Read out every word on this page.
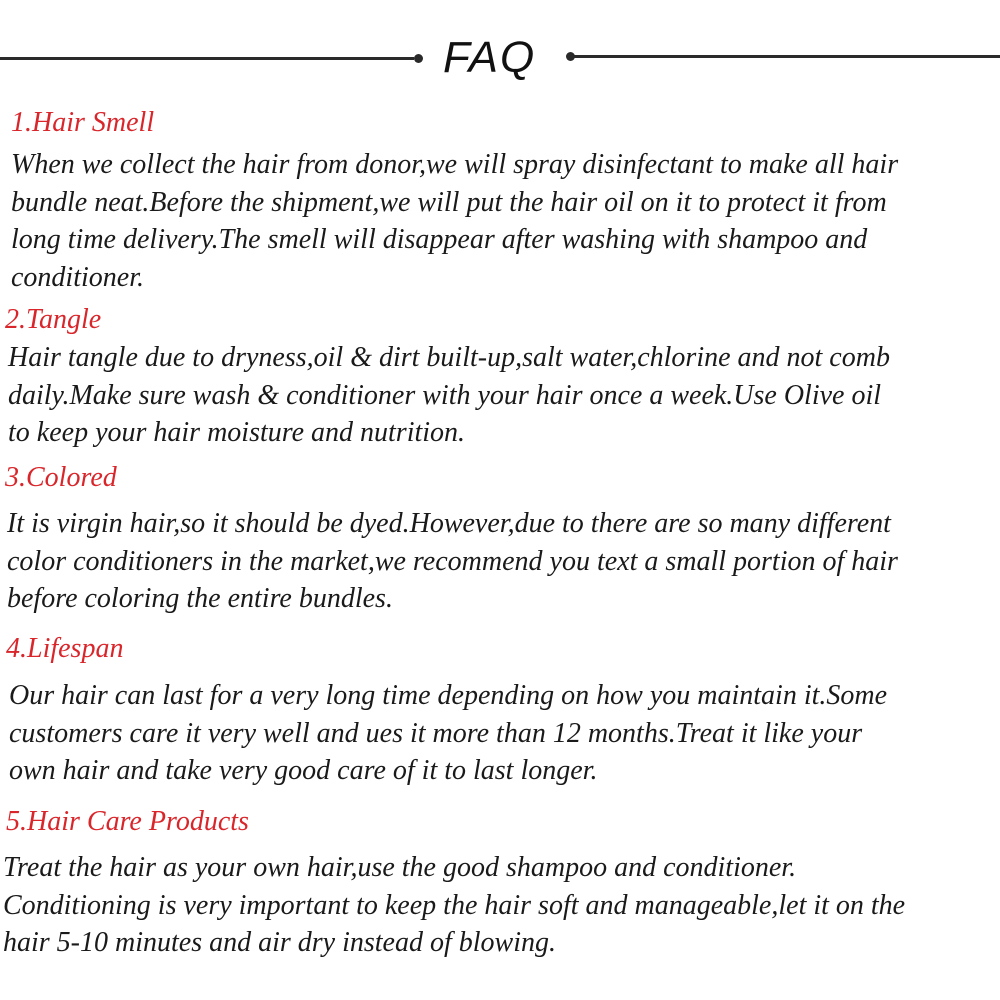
FAQ
1.Hair Smell
When we collect the hair from donor,we will spray disinfectant to make all hair
bundle neat.Before the shipment,we will put the hair oil on it to protect it from
long time delivery.The smell will disappear after washing with shampoo and
conditioner.
2.Tangle
Hair tangle due to dryness,oil & dirt built-up,salt water,chlorine and not comb
daily.Make sure wash & conditioner with your hair once a week.Use Olive oil
to keep your hair moisture and nutrition.
3.Colored
It is virgin hair,so it should be dyed.However,due to there are so many different
color conditioners in the market,we recommend you text a small portion of hair
before coloring the entire bundles.
4.Lifespan
Our hair can last for a very long time depending on how you maintain it.Some
customers care it very well and ues it more than 12 months.Treat it like your
own hair and take very good care of it to last longer.
5.Hair Care Products
Treat the hair as your own hair,use the good shampoo and conditioner.
Conditioning is very important to keep the hair soft and manageable,let it on the
hair 5-10 minutes and air dry instead of blowing.
